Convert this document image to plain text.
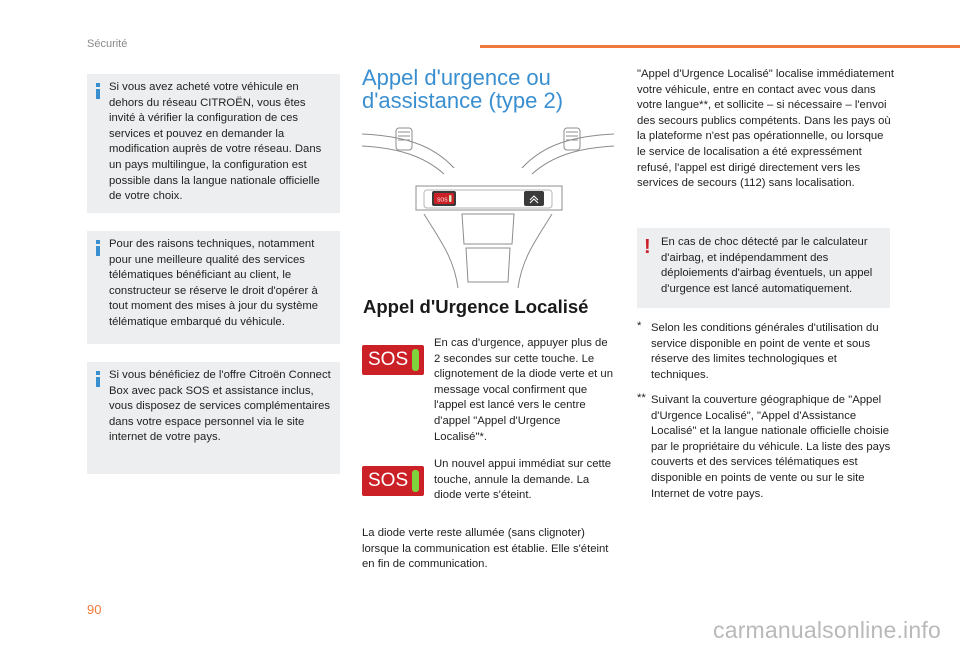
Sécurité
Si vous avez acheté votre véhicule en dehors du réseau CITROËN, vous êtes invité à vérifier la configuration de ces services et pouvez en demander la modification auprès de votre réseau. Dans un pays multilingue, la configuration est possible dans la langue nationale officielle de votre choix.
Pour des raisons techniques, notamment pour une meilleure qualité des services télématiques bénéficiant au client, le constructeur se réserve le droit d'opérer à tout moment des mises à jour du système télématique embarqué du véhicule.
Si vous bénéficiez de l'offre Citroën Connect Box avec pack SOS et assistance inclus, vous disposez de services complémentaires dans votre espace personnel via le site internet de votre pays.
Appel d'urgence ou d'assistance (type 2)
SOS
Appel d'Urgence Localisé
SOS
En cas d'urgence, appuyer plus de 2 secondes sur cette touche. Le clignotement de la diode verte et un message vocal confirment que l'appel est lancé vers le centre d'appel "Appel d'Urgence Localisé"*.
SOS
Un nouvel appui immédiat sur cette touche, annule la demande. La diode verte s'éteint.
La diode verte reste allumée (sans clignoter) lorsque la communication est établie. Elle s'éteint en fin de communication.
"Appel d'Urgence Localisé" localise immédiatement votre véhicule, entre en contact avec vous dans votre langue**, et sollicite – si nécessaire – l'envoi des secours publics compétents. Dans les pays où la plateforme n'est pas opérationnelle, ou lorsque le service de localisation a été expressément refusé, l'appel est dirigé directement vers les services de secours (112) sans localisation.
! En cas de choc détecté par le calculateur d'airbag, et indépendamment des déploiements d'airbag éventuels, un appel d'urgence est lancé automatiquement.
* Selon les conditions générales d'utilisation du service disponible en point de vente et sous réserve des limites technologiques et techniques.
** Suivant la couverture géographique de "Appel d'Urgence Localisé", "Appel d'Assistance Localisé" et la langue nationale officielle choisie par le propriétaire du véhicule. La liste des pays couverts et des services télématiques est disponible en points de vente ou sur le site Internet de votre pays.
90
carmanualsonline.info
